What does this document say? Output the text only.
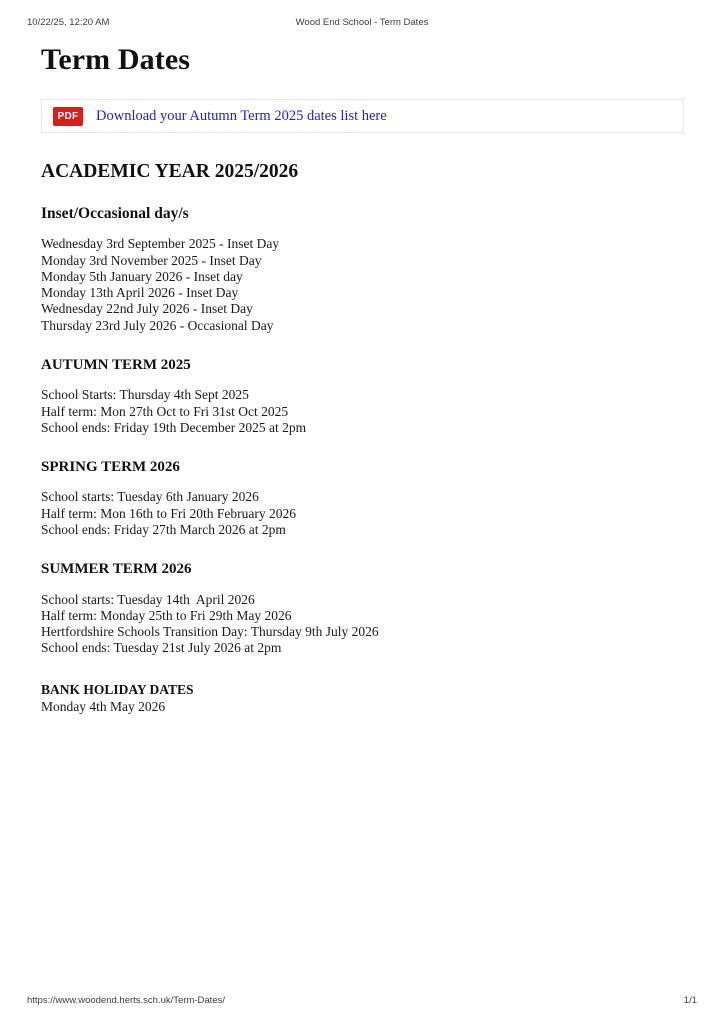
10/22/25, 12:20 AM	Wood End School - Term Dates
Term Dates
PDF	Download your Autumn Term 2025 dates list here
ACADEMIC YEAR 2025/2026
Inset/Occasional day/s
Wednesday 3rd September 2025 - Inset Day
Monday 3rd November 2025 - Inset Day
Monday 5th January 2026 - Inset day
Monday 13th April 2026 - Inset Day
Wednesday 22nd July 2026 - Inset Day
Thursday 23rd July 2026 - Occasional Day
AUTUMN TERM 2025
School Starts: Thursday 4th Sept 2025
Half term: Mon 27th Oct to Fri 31st Oct 2025
School ends: Friday 19th December 2025 at 2pm
SPRING TERM 2026
School starts: Tuesday 6th January 2026
Half term: Mon 16th to Fri 20th February 2026
School ends: Friday 27th March 2026 at 2pm
SUMMER TERM 2026
School starts: Tuesday 14th  April 2026
Half term: Monday 25th to Fri 29th May 2026
Hertfordshire Schools Transition Day: Thursday 9th July 2026
School ends: Tuesday 21st July 2026 at 2pm
BANK HOLIDAY DATES
Monday 4th May 2026
https://www.woodend.herts.sch.uk/Term-Dates/	1/1
